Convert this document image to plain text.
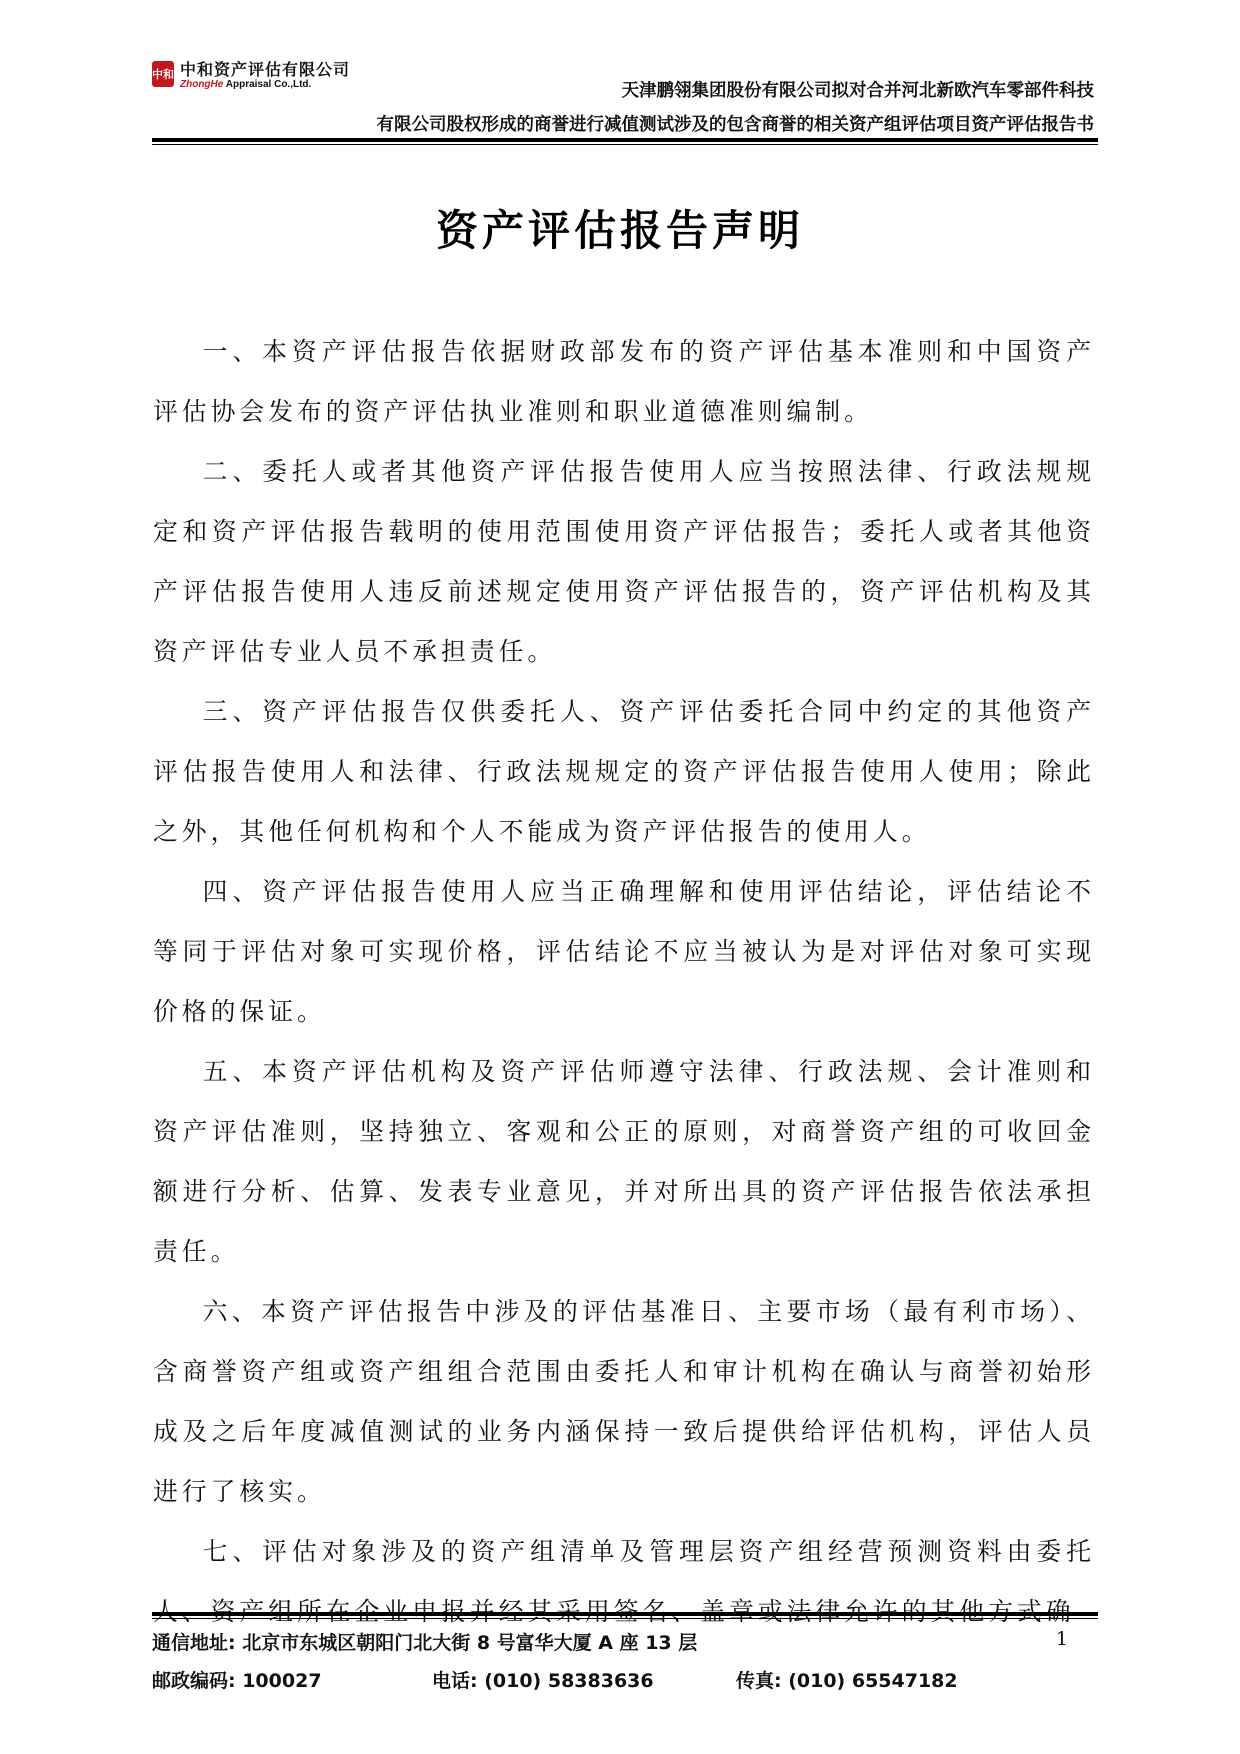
中和 中和资产评估有限公司
ZhongHe Appraisal Co.,Ltd.	天津鹏翎集团股份有限公司拟对合并河北新欧汽车零部件科技
有限公司股权形成的商誉进行减值测试涉及的包含商誉的相关资产组评估项目资产评估报告书
资产评估报告声明

一、本资产评估报告依据财政部发布的资产评估基本准则和中国资产评估协会发布的资产评估执业准则和职业道德准则编制。

二、委托人或者其他资产评估报告使用人应当按照法律、行政法规规定和资产评估报告载明的使用范围使用资产评估报告；委托人或者其他资产评估报告使用人违反前述规定使用资产评估报告的，资产评估机构及其资产评估专业人员不承担责任。

三、资产评估报告仅供委托人、资产评估委托合同中约定的其他资产评估报告使用人和法律、行政法规规定的资产评估报告使用人使用；除此之外，其他任何机构和个人不能成为资产评估报告的使用人。

四、资产评估报告使用人应当正确理解和使用评估结论，评估结论不等同于评估对象可实现价格，评估结论不应当被认为是对评估对象可实现价格的保证。

五、本资产评估机构及资产评估师遵守法律、行政法规、会计准则和资产评估准则，坚持独立、客观和公正的原则，对商誉资产组的可收回金额进行分析、估算、发表专业意见，并对所出具的资产评估报告依法承担责任。

六、本资产评估报告中涉及的评估基准日、主要市场（最有利市场）、含商誉资产组或资产组组合范围由委托人和审计机构在确认与商誉初始形成及之后年度减值测试的业务内涵保持一致后提供给评估机构，评估人员进行了核实。

七、评估对象涉及的资产组清单及管理层资产组经营预测资料由委托

通信地址: 北京市东城区朝阳门北大街 8 号富华大厦 A 座 13 层	1
邮政编码: 100027	电话: (010) 58383636	传真: (010) 65547182
